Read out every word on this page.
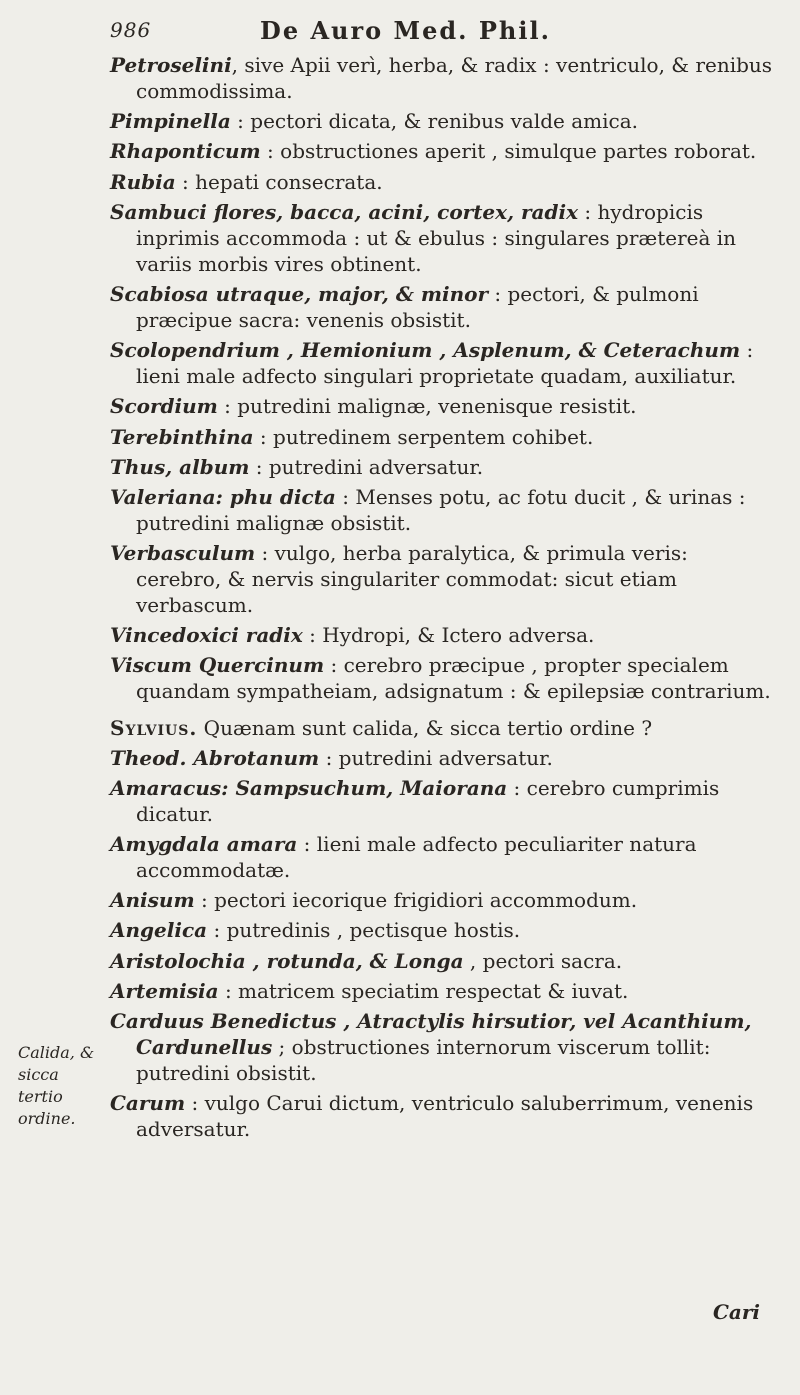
986	De Auro Med. Phil.
Calida, & sicca tertio ordine.

Petroselini, sive Apii verì, herba, & radix : ventriculo, & renibus commodissima.

Pimpinella : pectori dicata, & renibus valde amica.

Rhaponticum : obstructiones aperit , simulque partes roborat.

Rubia : hepati consecrata.

Sambuci flores, bacca, acini, cortex, radix : hydropicis inprimis accommoda : ut & ebulus : singulares prætereà in variis morbis vires obtinent.

Scabiosa utraque, major, & minor : pectori, & pulmoni præcipue sacra: venenis obsistit.

Scolopendrium , Hemionium , Asplenum, & Ceterachum : lieni male adfecto singulari proprietate quadam, auxiliatur.

Scordium : putredini malignæ, venenisque resistit.

Terebinthina : putredinem serpentem cohibet.

Thus, album : putredini adversatur.

Valeriana: phu dicta : Menses potu, ac fotu ducit , & urinas : putredini malignæ obsistit.

Verbasculum : vulgo, herba paralytica, & primula veris: cerebro, & nervis singulariter commodat: sicut etiam verbascum.

Vincedoxici radix : Hydropi, & Ictero adversa.

Viscum Quercinum : cerebro præcipue , propter specialem quandam sympatheiam, adsignatum : & epilepsiæ contrarium.

Sylvius. Quænam sunt calida, & sicca tertio ordine ?

Theod. Abrotanum : putredini adversatur.

Amaracus: Sampsuchum, Maiorana : cerebro cumprimis dicatur.

Amygdala amara : lieni male adfecto peculiariter natura accommodatæ.

Anisum : pectori iecorique frigidiori accommodum.

Angelica : putredinis , pectisque hostis.

Aristolochia , rotunda, & Longa , pectori sacra.

Artemisia : matricem speciatim respectat & iuvat.

Carduus Benedictus , Atractylis hirsutior, vel Acanthium, Cardunellus ; obstructiones internorum viscerum tollit: putredini obsistit.

Carum : vulgo Carui dictum, ventriculo saluberrimum, venenis adversatur.

Cari
